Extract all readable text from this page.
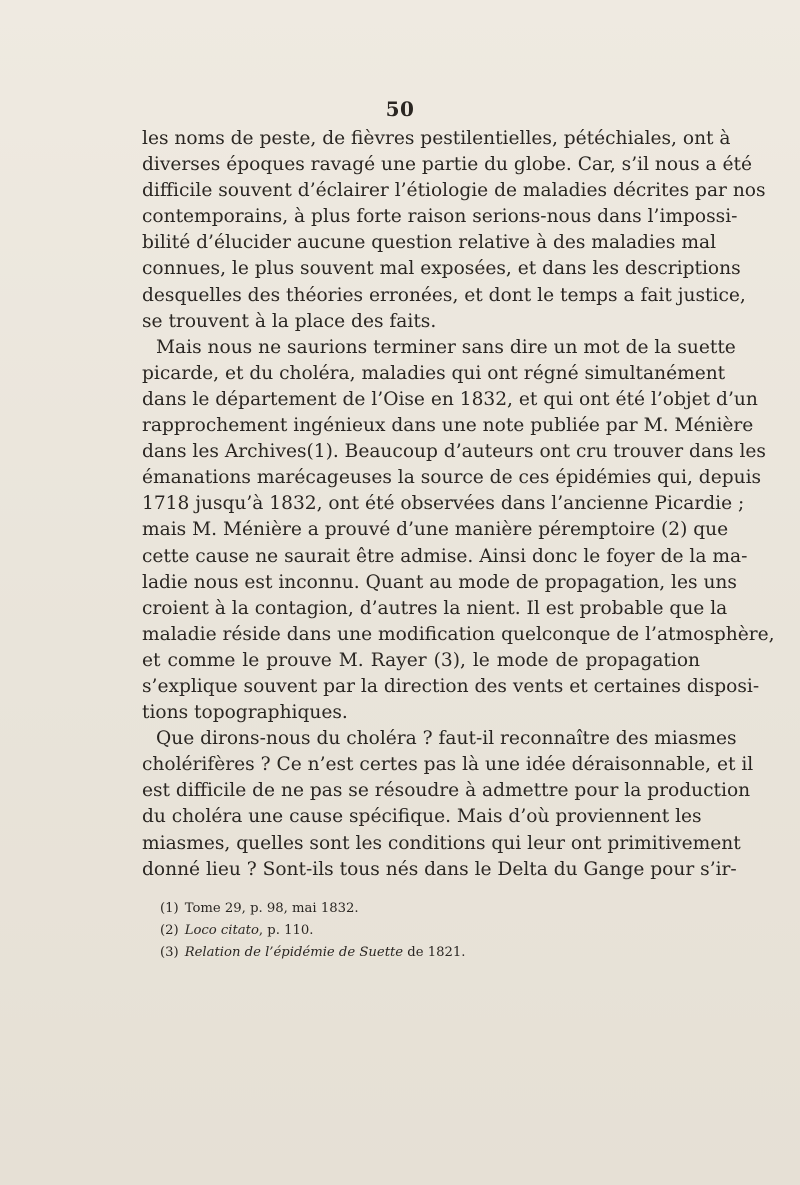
50
les noms de peste, de fièvres pestilentielles, pétéchiales, ont à
diverses époques ravagé une partie du globe. Car, s’il nous a été
difficile souvent d’éclairer l’étiologie de maladies décrites par nos
contemporains, à plus forte raison serions-nous dans l’impossi-
bilité d’élucider aucune question relative à des maladies mal
connues, le plus souvent mal exposées, et dans les descriptions
desquelles des théories erronées, et dont le temps a fait justice,
se trouvent à la place des faits.
Mais nous ne saurions terminer sans dire un mot de la suette
picarde, et du choléra, maladies qui ont régné simultanément
dans le département de l’Oise en 1832, et qui ont été l’objet d’un
rapprochement ingénieux dans une note publiée par M. Ménière
dans les Archives(1). Beaucoup d’auteurs ont cru trouver dans les
émanations marécageuses la source de ces épidémies qui, depuis
1718 jusqu’à 1832, ont été observées dans l’ancienne Picardie ;
mais M. Ménière a prouvé d’une manière péremptoire (2) que
cette cause ne saurait être admise. Ainsi donc le foyer de la ma-
ladie nous est inconnu. Quant au mode de propagation, les uns
croient à la contagion, d’autres la nient. Il est probable que la
maladie réside dans une modification quelconque de l’atmosphère,
et comme le prouve M. Rayer (3), le mode de propagation
s’explique souvent par la direction des vents et certaines disposi-
tions topographiques.
Que dirons-nous du choléra ? faut-il reconnaître des miasmes
cholérifères ? Ce n’est certes pas là une idée déraisonnable, et il
est difficile de ne pas se résoudre à admettre pour la production
du choléra une cause spécifique. Mais d’où proviennent les
miasmes, quelles sont les conditions qui leur ont primitivement
donné lieu ? Sont-ils tous nés dans le Delta du Gange pour s’ir-
(1) Tome 29, p. 98, mai 1832.
(2) Loco citato, p. 110.
(3) Relation de l’épidémie de Suette de 1821.
